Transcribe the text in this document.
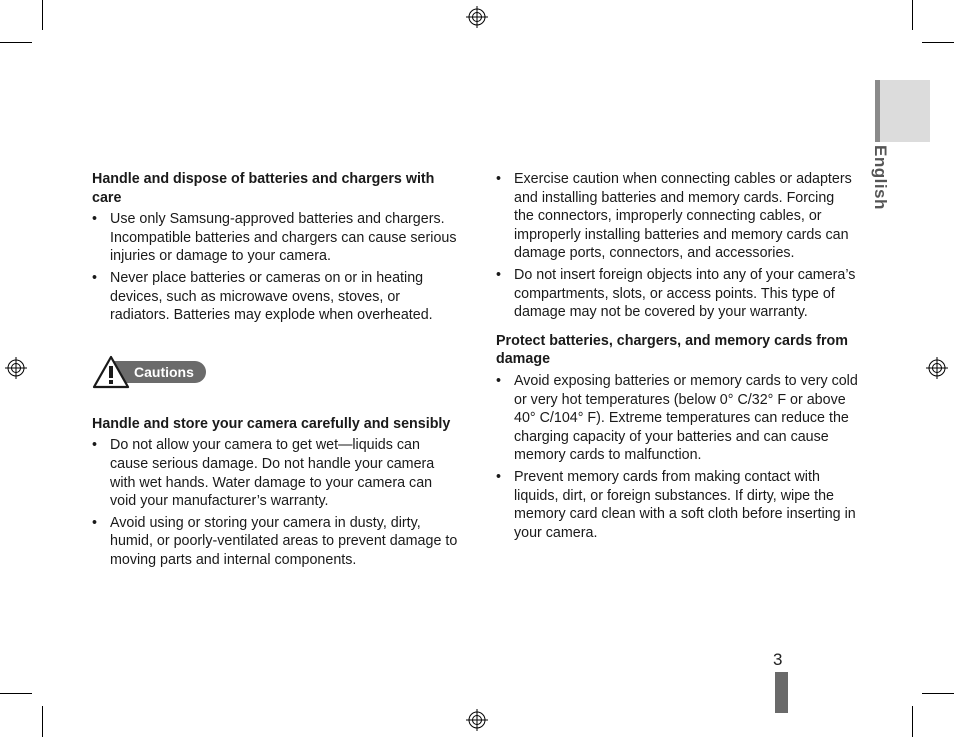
English
Handle and dispose of batteries and chargers with care
• Use only Samsung-approved batteries and chargers. Incompatible batteries and chargers can cause serious injuries or damage to your camera.
• Never place batteries or cameras on or in heating devices, such as microwave ovens, stoves, or radiators. Batteries may explode when overheated.
Cautions
Handle and store your camera carefully and sensibly
• Do not allow your camera to get wet—liquids can cause serious damage. Do not handle your camera with wet hands. Water damage to your camera can void your manufacturer’s warranty.
• Avoid using or storing your camera in dusty, dirty, humid, or poorly-ventilated areas to prevent damage to moving parts and internal components.
• Exercise caution when connecting cables or adapters and installing batteries and memory cards. Forcing the connectors, improperly connecting cables, or improperly installing batteries and memory cards can damage ports, connectors, and accessories.
• Do not insert foreign objects into any of your camera’s compartments, slots, or access points. This type of damage may not be covered by your warranty.
Protect batteries, chargers, and memory cards from damage
• Avoid exposing batteries or memory cards to very cold or very hot temperatures (below 0° C/32° F or above 40° C/104° F). Extreme temperatures can reduce the charging capacity of your batteries and can cause memory cards to malfunction.
• Prevent memory cards from making contact with liquids, dirt, or foreign substances. If dirty, wipe the memory card clean with a soft cloth before inserting in your camera.
3
